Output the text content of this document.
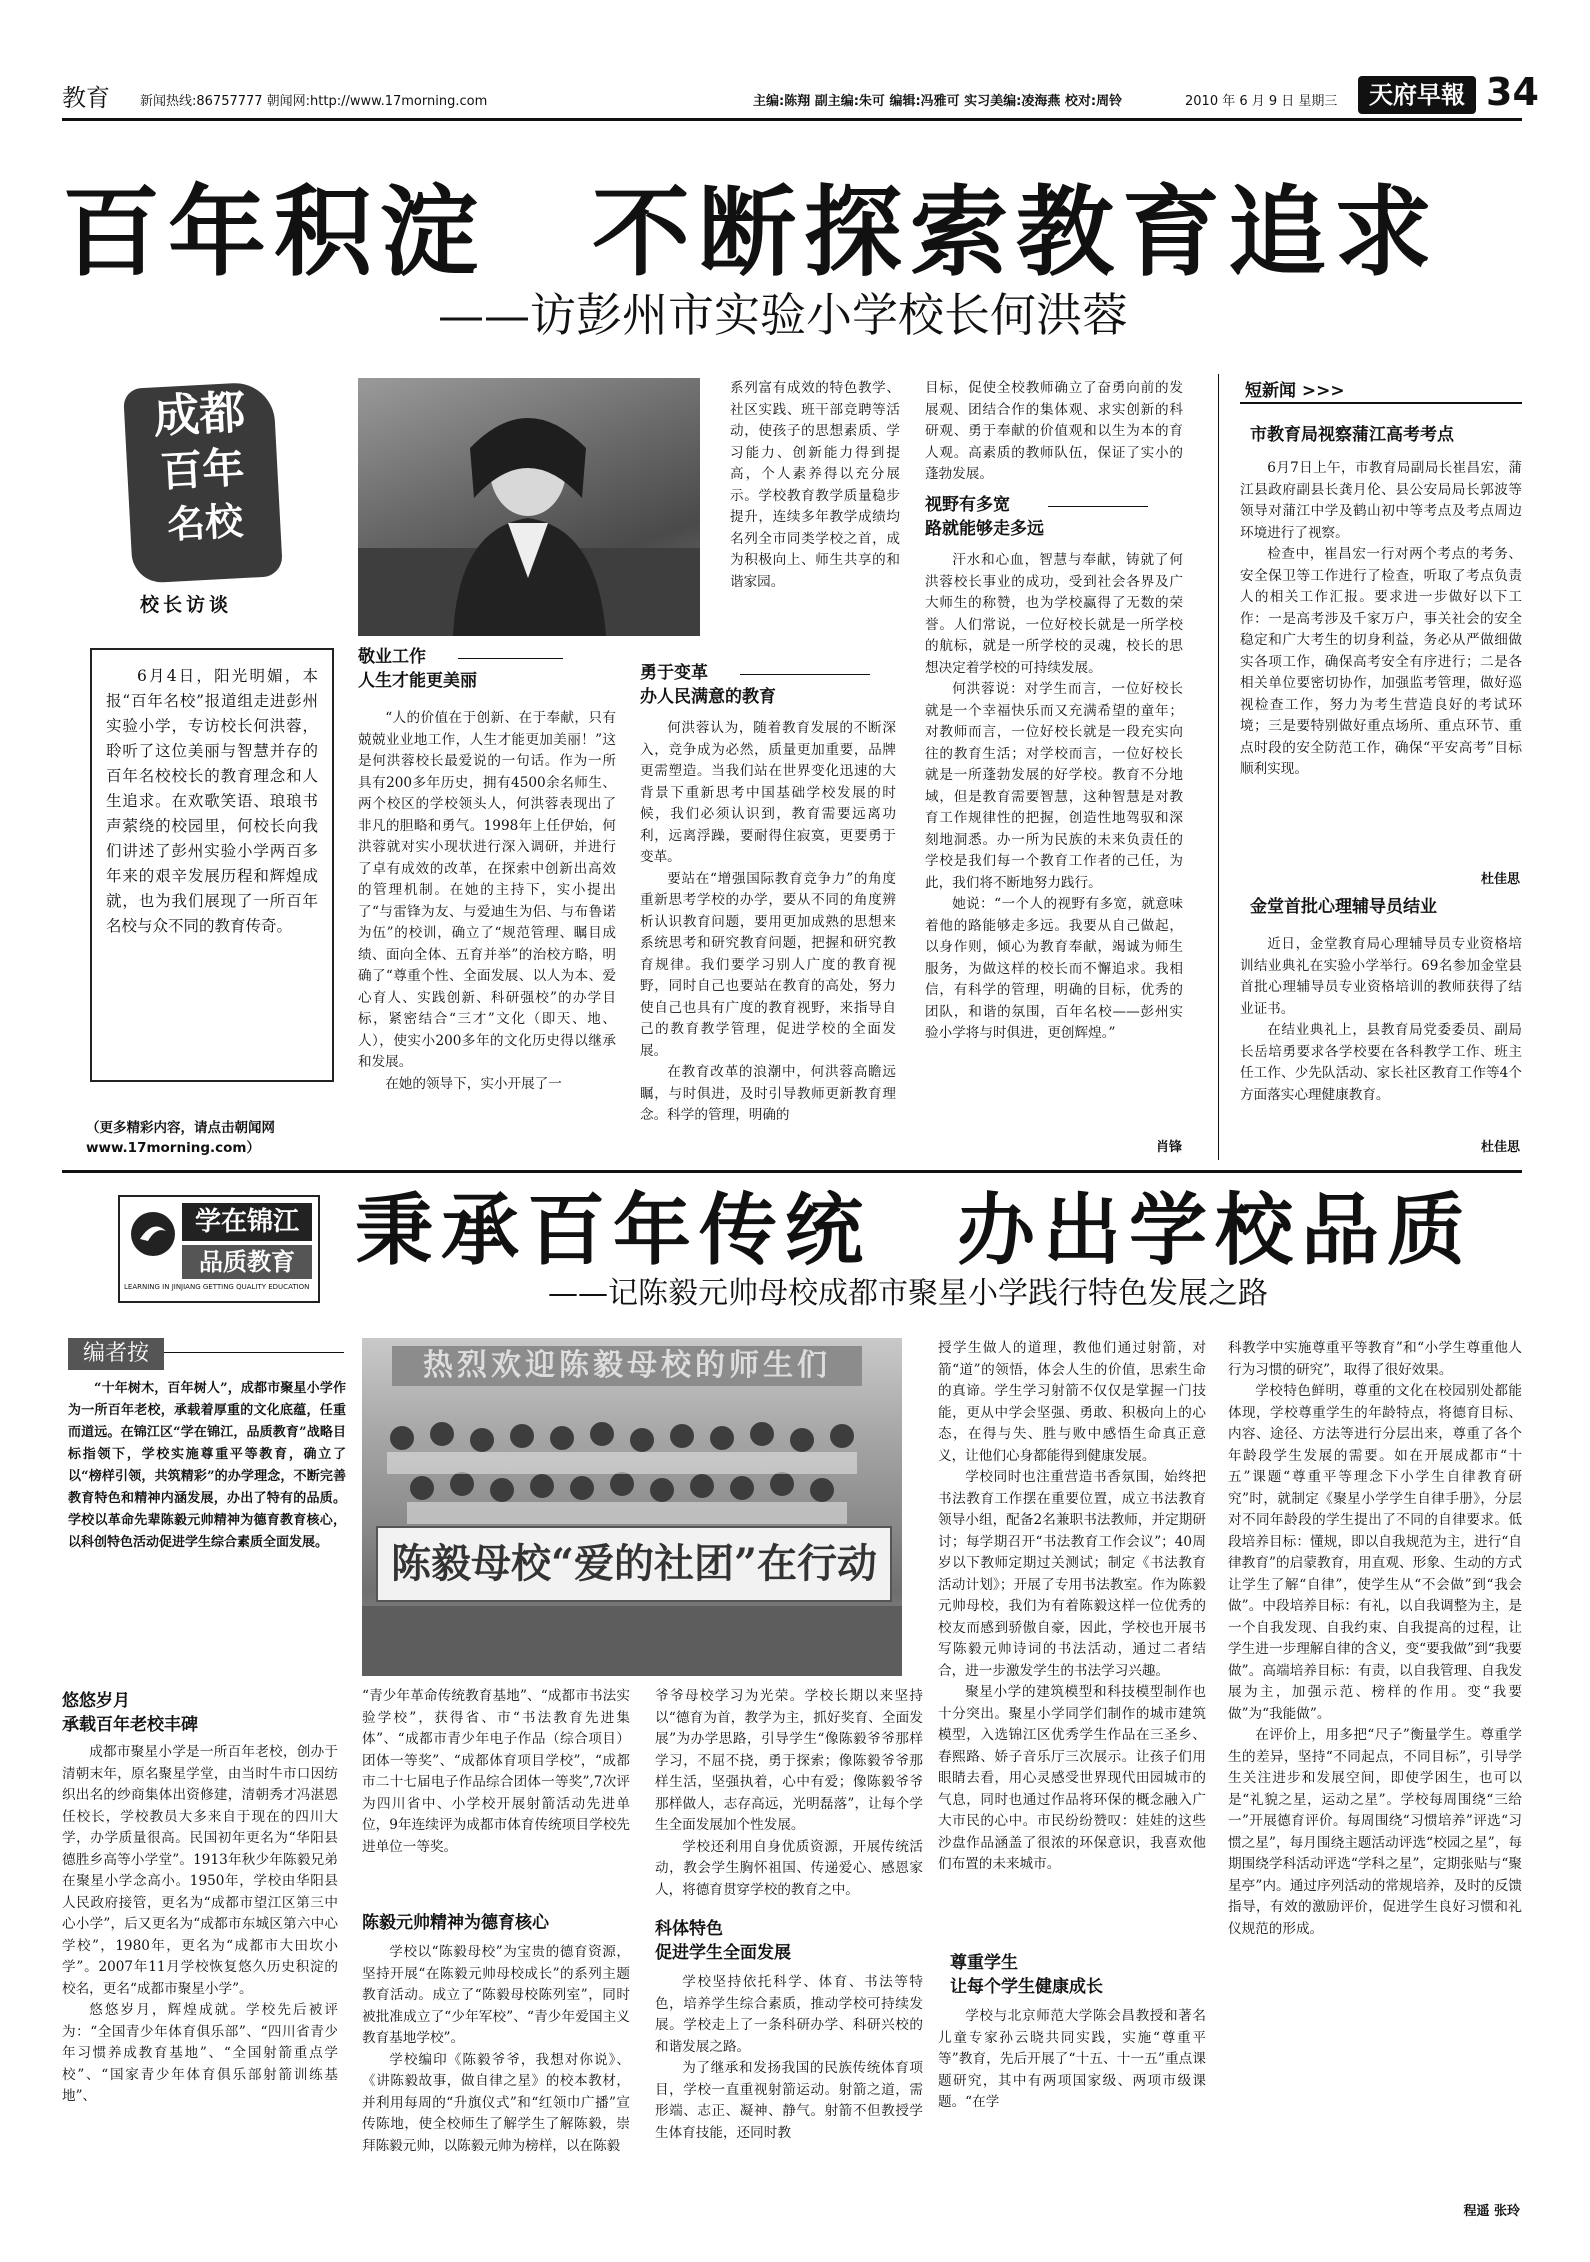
教育 新闻热线:86757777 朝闻网:http://www.17morning.com	主编:陈翔 副主编:朱可 编辑:冯雅可 实习美编:凌海燕 校对:周铃	2010 年 6 月 9 日 星期三	天府早報 34
百年积淀　不断探索教育追求
——访彭州市实验小学校长何洪蓉
成都
百年
名校
校长访谈

6月4日，阳光明媚，本报“百年名校”报道组走进彭州实验小学，专访校长何洪蓉，聆听了这位美丽与智慧并存的百年名校校长的教育理念和人生追求。在欢歌笑语、琅琅书声萦绕的校园里，何校长向我们讲述了彭州实验小学两百多年来的艰辛发展历程和辉煌成就，也为我们展现了一所百年名校与众不同的教育传奇。

（更多精彩内容，请点击朝闻网 www.17morning.com）
敬业工作
人生才能更美丽

“人的价值在于创新、在于奉献，只有兢兢业业地工作，人生才能更加美丽！”这是何洪蓉校长最爱说的一句话。作为一所具有200多年历史，拥有4500余名师生、两个校区的学校领头人，何洪蓉表现出了非凡的胆略和勇气。1998年上任伊始，何洪蓉就对实小现状进行深入调研，并进行了卓有成效的改革，在探索中创新出高效的管理机制。在她的主持下，实小提出了“与雷锋为友、与爱迪生为侣、与布鲁诺为伍”的校训，确立了“规范管理、瞩目成绩、面向全体、五育并举”的治校方略，明确了“尊重个性、全面发展、以人为本、爱心育人、实践创新、科研强校”的办学目标，紧密结合“三才”文化（即天、地、人），使实小200多年的文化历史得以继承和发展。

在她的领导下，实小开展了一

系列富有成效的特色教学、社区实践、班干部竞聘等活动，使孩子的思想素质、学习能力、创新能力得到提高，个人素养得以充分展示。学校教育教学质量稳步提升，连续多年教学成绩均名列全市同类学校之首，成为积极向上、师生共享的和谐家园。

勇于变革
办人民满意的教育

何洪蓉认为，随着教育发展的不断深入，竞争成为必然，质量更加重要，品牌更需塑造。当我们站在世界变化迅速的大背景下重新思考中国基础学校发展的时候，我们必须认识到，教育需要远离功利，远离浮躁，要耐得住寂寞，更要勇于变革。

要站在“增强国际教育竞争力”的角度重新思考学校的办学，要从不同的角度辨析认识教育问题，要用更加成熟的思想来系统思考和研究教育问题，把握和研究教育规律。我们要学习别人广度的教育视野，同时自己也要站在教育的高处，努力使自己也具有广度的教育视野，来指导自己的教育教学管理，促进学校的全面发展。

在教育改革的浪潮中，何洪蓉高瞻远瞩，与时俱进，及时引导教师更新教育理念。科学的管理，明确的

目标，促使全校教师确立了奋勇向前的发展观、团结合作的集体观、求实创新的科研观、勇于奉献的价值观和以生为本的育人观。高素质的教师队伍，保证了实小的蓬勃发展。

视野有多宽
路就能够走多远

汗水和心血，智慧与奉献，铸就了何洪蓉校长事业的成功，受到社会各界及广大师生的称赞，也为学校赢得了无数的荣誉。人们常说，一位好校长就是一所学校的航标，就是一所学校的灵魂，校长的思想决定着学校的可持续发展。

何洪蓉说：对学生而言，一位好校长就是一个幸福快乐而又充满希望的童年；对教师而言，一位好校长就是一段充实向往的教育生活；对学校而言，一位好校长就是一所蓬勃发展的好学校。教育不分地域，但是教育需要智慧，这种智慧是对教育工作规律性的把握，创造性地驾驭和深刻地洞悉。办一所为民族的未来负责任的学校是我们每一个教育工作者的己任，为此，我们将不断地努力践行。

她说：“一个人的视野有多宽，就意味着他的路能够走多远。我要从自己做起，以身作则，倾心为教育奉献，竭诚为师生服务，为做这样的校长而不懈追求。我相信，有科学的管理，明确的目标，优秀的团队，和谐的氛围，百年名校——彭州实验小学将与时俱进，更创辉煌。”

肖锋
短新闻 >>>
市教育局视察蒲江高考考点

6月7日上午，市教育局副局长崔昌宏，蒲江县政府副县长龚月伦、县公安局局长郭波等领导对蒲江中学及鹤山初中等考点及考点周边环境进行了视察。

检查中，崔昌宏一行对两个考点的考务、安全保卫等工作进行了检查，听取了考点负责人的相关工作汇报。要求进一步做好以下工作：一是高考涉及千家万户，事关社会的安全稳定和广大考生的切身利益，务必从严做细做实各项工作，确保高考安全有序进行；二是各相关单位要密切协作，加强监考管理，做好巡视检查工作，努力为考生营造良好的考试环境；三是要特别做好重点场所、重点环节、重点时段的安全防范工作，确保“平安高考”目标顺利实现。

杜佳思
金堂首批心理辅导员结业

近日，金堂教育局心理辅导员专业资格培训结业典礼在实验小学举行。69名参加金堂县首批心理辅导员专业资格培训的教师获得了结业证书。

在结业典礼上，县教育局党委委员、副局长岳培勇要求各学校要在各科教学工作、班主任工作、少先队活动、家长社区教育工作等4个方面落实心理健康教育。

杜佳思
学在锦江
品质教育
LEARNING IN JINJIANG GETTING QUALITY EDUCATION
秉承百年传统　办出学校品质
——记陈毅元帅母校成都市聚星小学践行特色发展之路
编者按

“十年树木，百年树人”，成都市聚星小学作为一所百年老校，承载着厚重的文化底蕴，任重而道远。在锦江区“学在锦江，品质教育”战略目标指领下，学校实施尊重平等教育，确立了以“榜样引领，共筑精彩”的办学理念，不断完善教育特色和精神内涵发展，办出了特有的品质。学校以革命先辈陈毅元帅精神为德育教育核心，以科创特色活动促进学生综合素质全面发展。

热烈欢迎陈毅母校的师生们
陈毅母校“爱的社团”在行动
悠悠岁月
承载百年老校丰碑

成都市聚星小学是一所百年老校，创办于清朝末年，原名聚星学堂，由当时牛市口因纺织出名的纱商集体出资修建，清朝秀才冯湛恩任校长，学校教员大多来自于现在的四川大学，办学质量很高。民国初年更名为“华阳县德胜乡高等小学堂”。1913年秋少年陈毅兄弟在聚星小学念高小。1950年，学校由华阳县人民政府接管，更名为“成都市望江区第三中心小学”，后又更名为“成都市东城区第六中心学校”，1980年，更名为“成都市大田坎小学”。2007年11月学校恢复悠久历史积淀的校名，更名“成都市聚星小学”。

悠悠岁月，辉煌成就。学校先后被评为：“全国青少年体育俱乐部”、“四川省青少年习惯养成教育基地”、“全国射箭重点学校”、“国家青少年体育俱乐部射箭训练基地”、

“青少年革命传统教育基地”、“成都市书法实验学校”，获得省、市“书法教育先进集体”、“成都市青少年电子作品（综合项目）团体一等奖”、“成都体育项目学校”，“成都市二十七届电子作品综合团体一等奖”,7次评为四川省中、小学校开展射箭活动先进单位，9年连续评为成都市体育传统项目学校先进单位一等奖。

陈毅元帅精神为德育核心

学校以“陈毅母校”为宝贵的德育资源，坚持开展“在陈毅元帅母校成长”的系列主题教育活动。成立了“陈毅母校陈列室”，同时被批准成立了“少年军校”、“青少年爱国主义教育基地学校”。

学校编印《陈毅爷爷，我想对你说》、《讲陈毅故事，做自律之星》的校本教材，并利用每周的“升旗仪式”和“红领巾广播”宣传陈地，使全校师生了解学生了解陈毅，崇拜陈毅元帅，以陈毅元帅为榜样，以在陈毅

爷爷母校学习为光荣。学校长期以来坚持以“德育为首，教学为主，抓好奖育、全面发展”为办学思路，引导学生“像陈毅爷爷那样学习，不屈不挠，勇于探索；像陈毅爷爷那样生活，坚强执着，心中有爱；像陈毅爷爷那样做人，志存高远，光明磊落”，让每个学生全面发展加个性发展。

学校还利用自身优质资源，开展传统活动，教会学生胸怀祖国、传递爱心、感恩家人，将德育贯穿学校的教育之中。

科体特色
促进学生全面发展

学校坚持依托科学、体育、书法等特色，培养学生综合素质，推动学校可持续发展。学校走上了一条科研办学、科研兴校的和谐发展之路。

为了继承和发扬我国的民族传统体育项目，学校一直重视射箭运动。射箭之道，需形端、志正、凝神、静气。射箭不但教授学生体育技能，还同时教

授学生做人的道理，教他们通过射箭，对箭“道”的领悟，体会人生的价值，思索生命的真谛。学生学习射箭不仅仅是掌握一门技能，更从中学会坚强、勇敢、积极向上的心态，在得与失、胜与败中感悟生命真正意义，让他们心身都能得到健康发展。

学校同时也注重营造书香氛围，始终把书法教育工作摆在重要位置，成立书法教育领导小组，配备2名兼职书法教师，并定期研讨；每学期召开“书法教育工作会议”；40周岁以下教师定期过关测试；制定《书法教育活动计划》；开展了专用书法教室。作为陈毅元帅母校，我们为有着陈毅这样一位优秀的校友而感到骄傲自豪，因此，学校也开展书写陈毅元帅诗词的书法活动，通过二者结合，进一步激发学生的书法学习兴趣。

聚星小学的建筑模型和科技模型制作也十分突出。聚星小学同学们制作的城市建筑模型，入选锦江区优秀学生作品在三圣乡、春熙路、娇子音乐厅三次展示。让孩子们用眼睛去看，用心灵感受世界现代田园城市的气息，同时也通过作品将环保的概念融入广大市民的心中。市民纷纷赞叹：娃娃的这些沙盘作品涵盖了很浓的环保意识，我喜欢他们布置的未来城市。

尊重学生
让每个学生健康成长

学校与北京师范大学陈会昌教授和著名儿童专家孙云晓共同实践，实施“尊重平等”教育，先后开展了“十五、十一五”重点课题研究，其中有两项国家级、两项市级课题。“在学

科教学中实施尊重平等教育”和“小学生尊重他人行为习惯的研究”，取得了很好效果。

学校特色鲜明，尊重的文化在校园别处都能体现，学校尊重学生的年龄特点，将德育目标、内容、途径、方法等进行分层出来，尊重了各个年龄段学生发展的需要。如在开展成都市“十五”课题“尊重平等理念下小学生自律教育研究”时，就制定《聚星小学学生自律手册》，分层对不同年龄段的学生提出了不同的自律要求。低段培养目标：懂规，即以自我规范为主，进行“自律教育”的启蒙教育，用直观、形象、生动的方式让学生了解“自律”，使学生从“不会做”到“我会做”。中段培养目标：有礼，以自我调整为主，是一个自我发现、自我约束、自我提高的过程，让学生进一步理解自律的含义，变“要我做”到“我要做”。高端培养目标：有责，以自我管理、自我发展为主，加强示范、榜样的作用。变“我要做”为“我能做”。

在评价上，用多把“尺子”衡量学生。尊重学生的差异，坚持“不同起点，不同目标”，引导学生关注进步和发展空间，即使学困生，也可以是“礼貌之星，运动之星”。学校每周围绕“三给一”开展德育评价。每周围绕“习惯培养”评选“习惯之星”，每月围绕主题活动评选“校园之星”，每期围绕学科活动评选“学科之星”，定期张贴与“聚星亭”内。通过序列活动的常规培养，及时的反馈指导，有效的激励评价，促进学生良好习惯和礼仪规范的形成。

程遥 张玲
